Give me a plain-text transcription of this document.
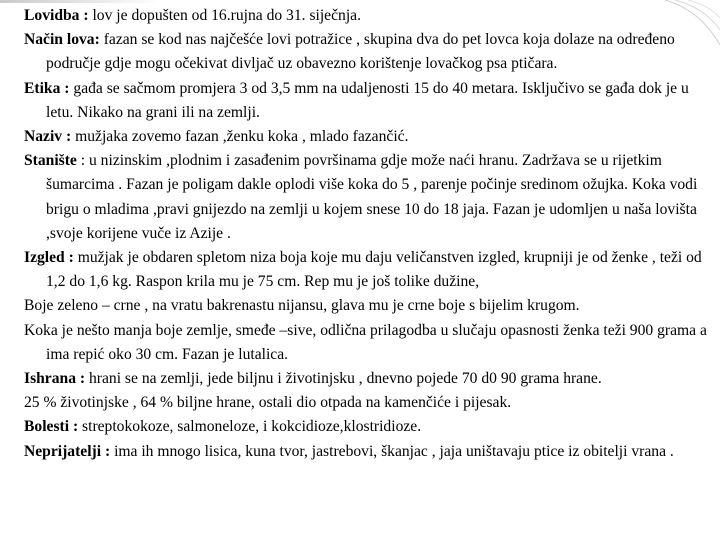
Lovidba : lov je dopušten od 16.rujna do 31. siječnja.

Način lova: fazan se kod nas najčešće lovi potražice , skupina dva do pet lovca koja dolaze na određeno područje gdje mogu očekivat divljač uz obavezno korištenje lovačkog psa ptičara.

Etika : gađa se sačmom promjera 3 od 3,5 mm na udaljenosti 15 do 40 metara. Isključivo se gađa dok je u letu. Nikako na grani ili na zemlji.

Naziv : mužjaka zovemo fazan ,ženku koka , mlado fazančić.

Stanište : u nizinskim ,plodnim i zasađenim površinama gdje može naći hranu. Zadržava se u rijetkim šumarcima . Fazan je poligam dakle oplodi više koka do 5 , parenje počinje sredinom ožujka. Koka vodi brigu o mladima ,pravi gnijezdo na zemlji u kojem snese 10 do 18 jaja. Fazan je udomljen u naša lovišta ,svoje korijene vuče iz Azije .

Izgled : mužjak je obdaren spletom niza boja koje mu daju veličanstven izgled, krupniji je od ženke , teži od 1,2 do 1,6 kg. Raspon krila mu je 75 cm. Rep mu je još tolike dužine,

Boje zeleno – crne , na vratu bakrenastu nijansu, glava mu je crne boje s bijelim krugom.

Koka je nešto manja boje zemlje, smeđe –sive, odlična prilagodba u slučaju opasnosti ženka teži 900 grama a ima repić oko 30 cm. Fazan je lutalica.

Ishrana : hrani se na zemlji, jede biljnu i životinjsku , dnevno pojede 70 d0 90 grama hrane.

25 % životinjske , 64 % biljne hrane, ostali dio otpada na kamenčiće i pijesak.

Bolesti : streptokokoze, salmoneloze, i kokcidioze,klostridioze.

Neprijatelji : ima ih mnogo lisica, kuna tvor, jastrebovi, škanjac , jaja uništavaju ptice iz obitelji vrana .
